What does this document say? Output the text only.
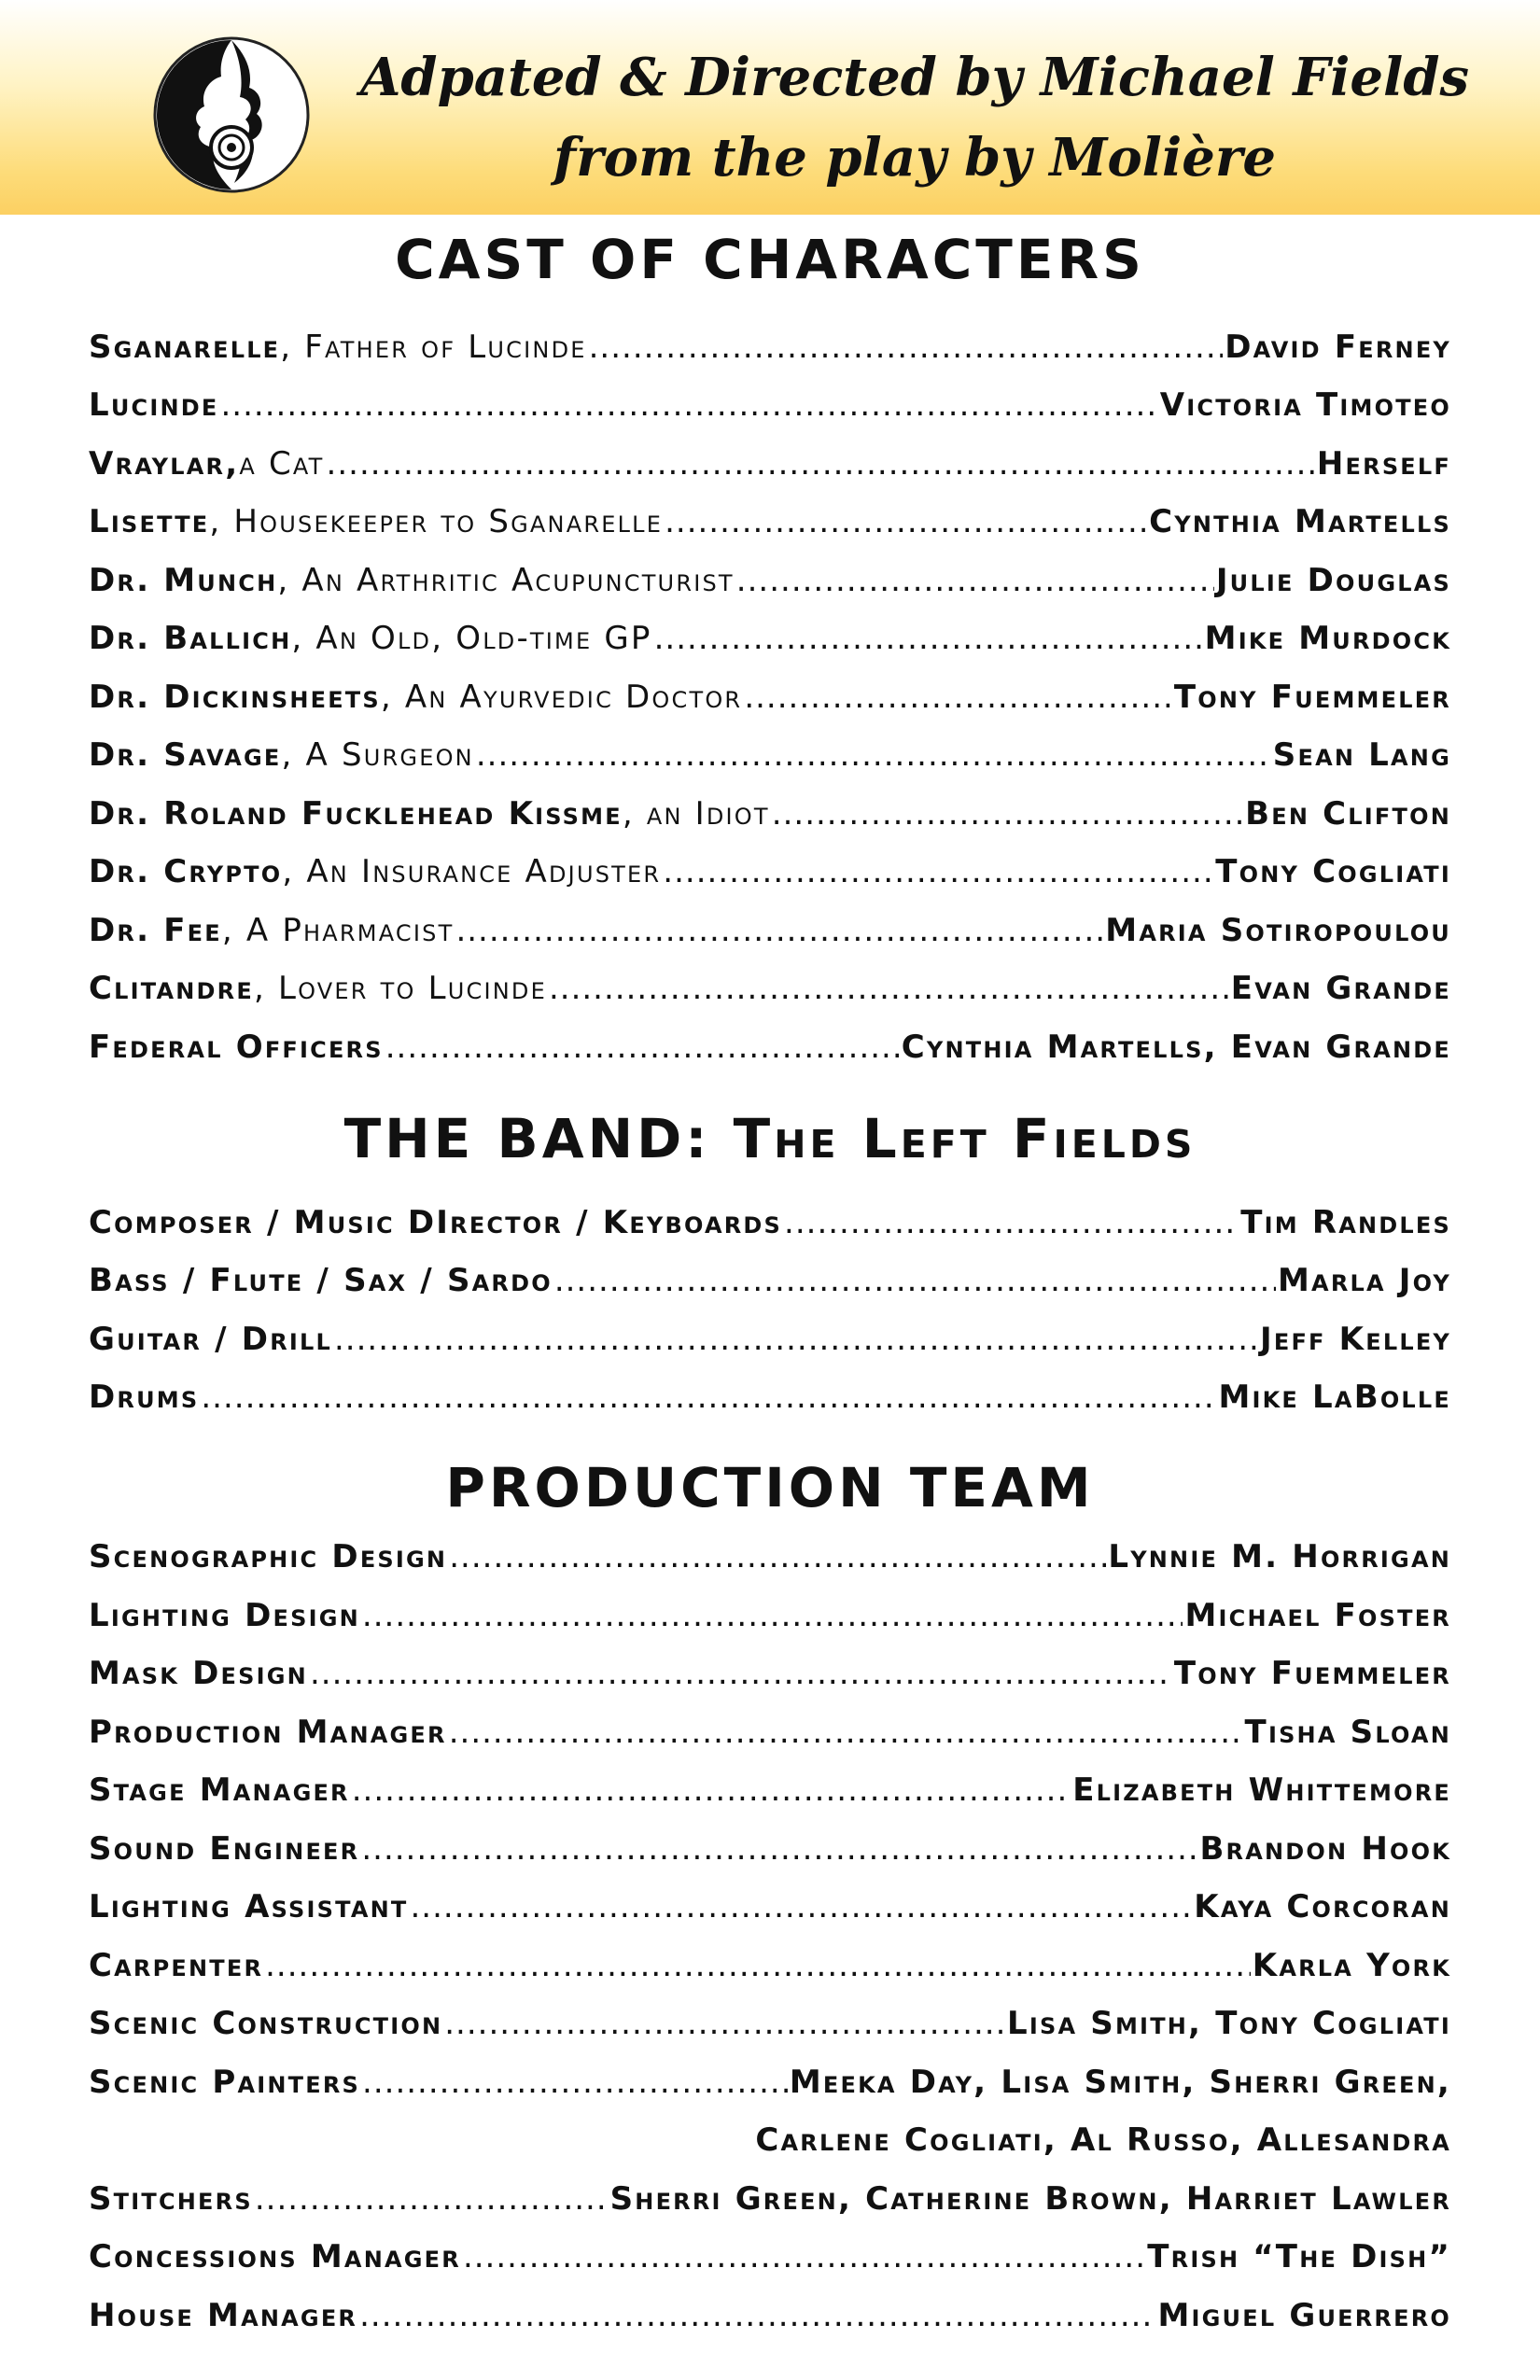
Adpated & Directed by Michael Fields
from the play by Molière
CAST OF CHARACTERS
Sganarelle , Father of Lucinde .....	David Ferney
Lucinde .....	Victoria Timoteo
Vraylar, a Cat .....	Herself
Lisette , Housekeeper to Sganarelle .....	Cynthia Martells
Dr. Munch , An Arthritic Acupuncturist .....	Julie Douglas
Dr. Ballich , An Old, Old-time GP .....	Mike Murdock
Dr. Dickinsheets , An Ayurvedic Doctor .....	Tony Fuemmeler
Dr. Savage , A Surgeon .....	Sean Lang
Dr. Roland Fucklehead Kissme , an Idiot .....	Ben Clifton
Dr. Crypto , An Insurance Adjuster .....	Tony Cogliati
Dr. Fee , A Pharmacist .....	Maria Sotiropoulou
Clitandre , Lover to Lucinde .....	Evan Grande
Federal Officers .....	Cynthia Martells, Evan Grande
THE BAND: The Left Fields
Composer / Music DIrector / Keyboards .....	Tim Randles
Bass / Flute / Sax / Sardo .....	Marla Joy
Guitar / Drill .....	Jeff Kelley
Drums .....	Mike LaBolle
PRODUCTION TEAM
Scenographic Design .....	Lynnie M. Horrigan
Lighting Design .....	Michael Foster
Mask Design .....	Tony Fuemmeler
Production Manager .....	Tisha Sloan
Stage Manager .....	Elizabeth Whittemore
Sound Engineer .....	Brandon Hook
Lighting Assistant .....	Kaya Corcoran
Carpenter .....	Karla York
Scenic Construction .....	Lisa Smith, Tony Cogliati
Scenic Painters .....	Meeka Day, Lisa Smith, Sherri Green,
Carlene Cogliati, Al Russo, Allesandra
Stitchers .....	Sherri Green, Catherine Brown, Harriet Lawler
Concessions Manager .....	Trish “The Dish”
House Manager .....	Miguel Guerrero
